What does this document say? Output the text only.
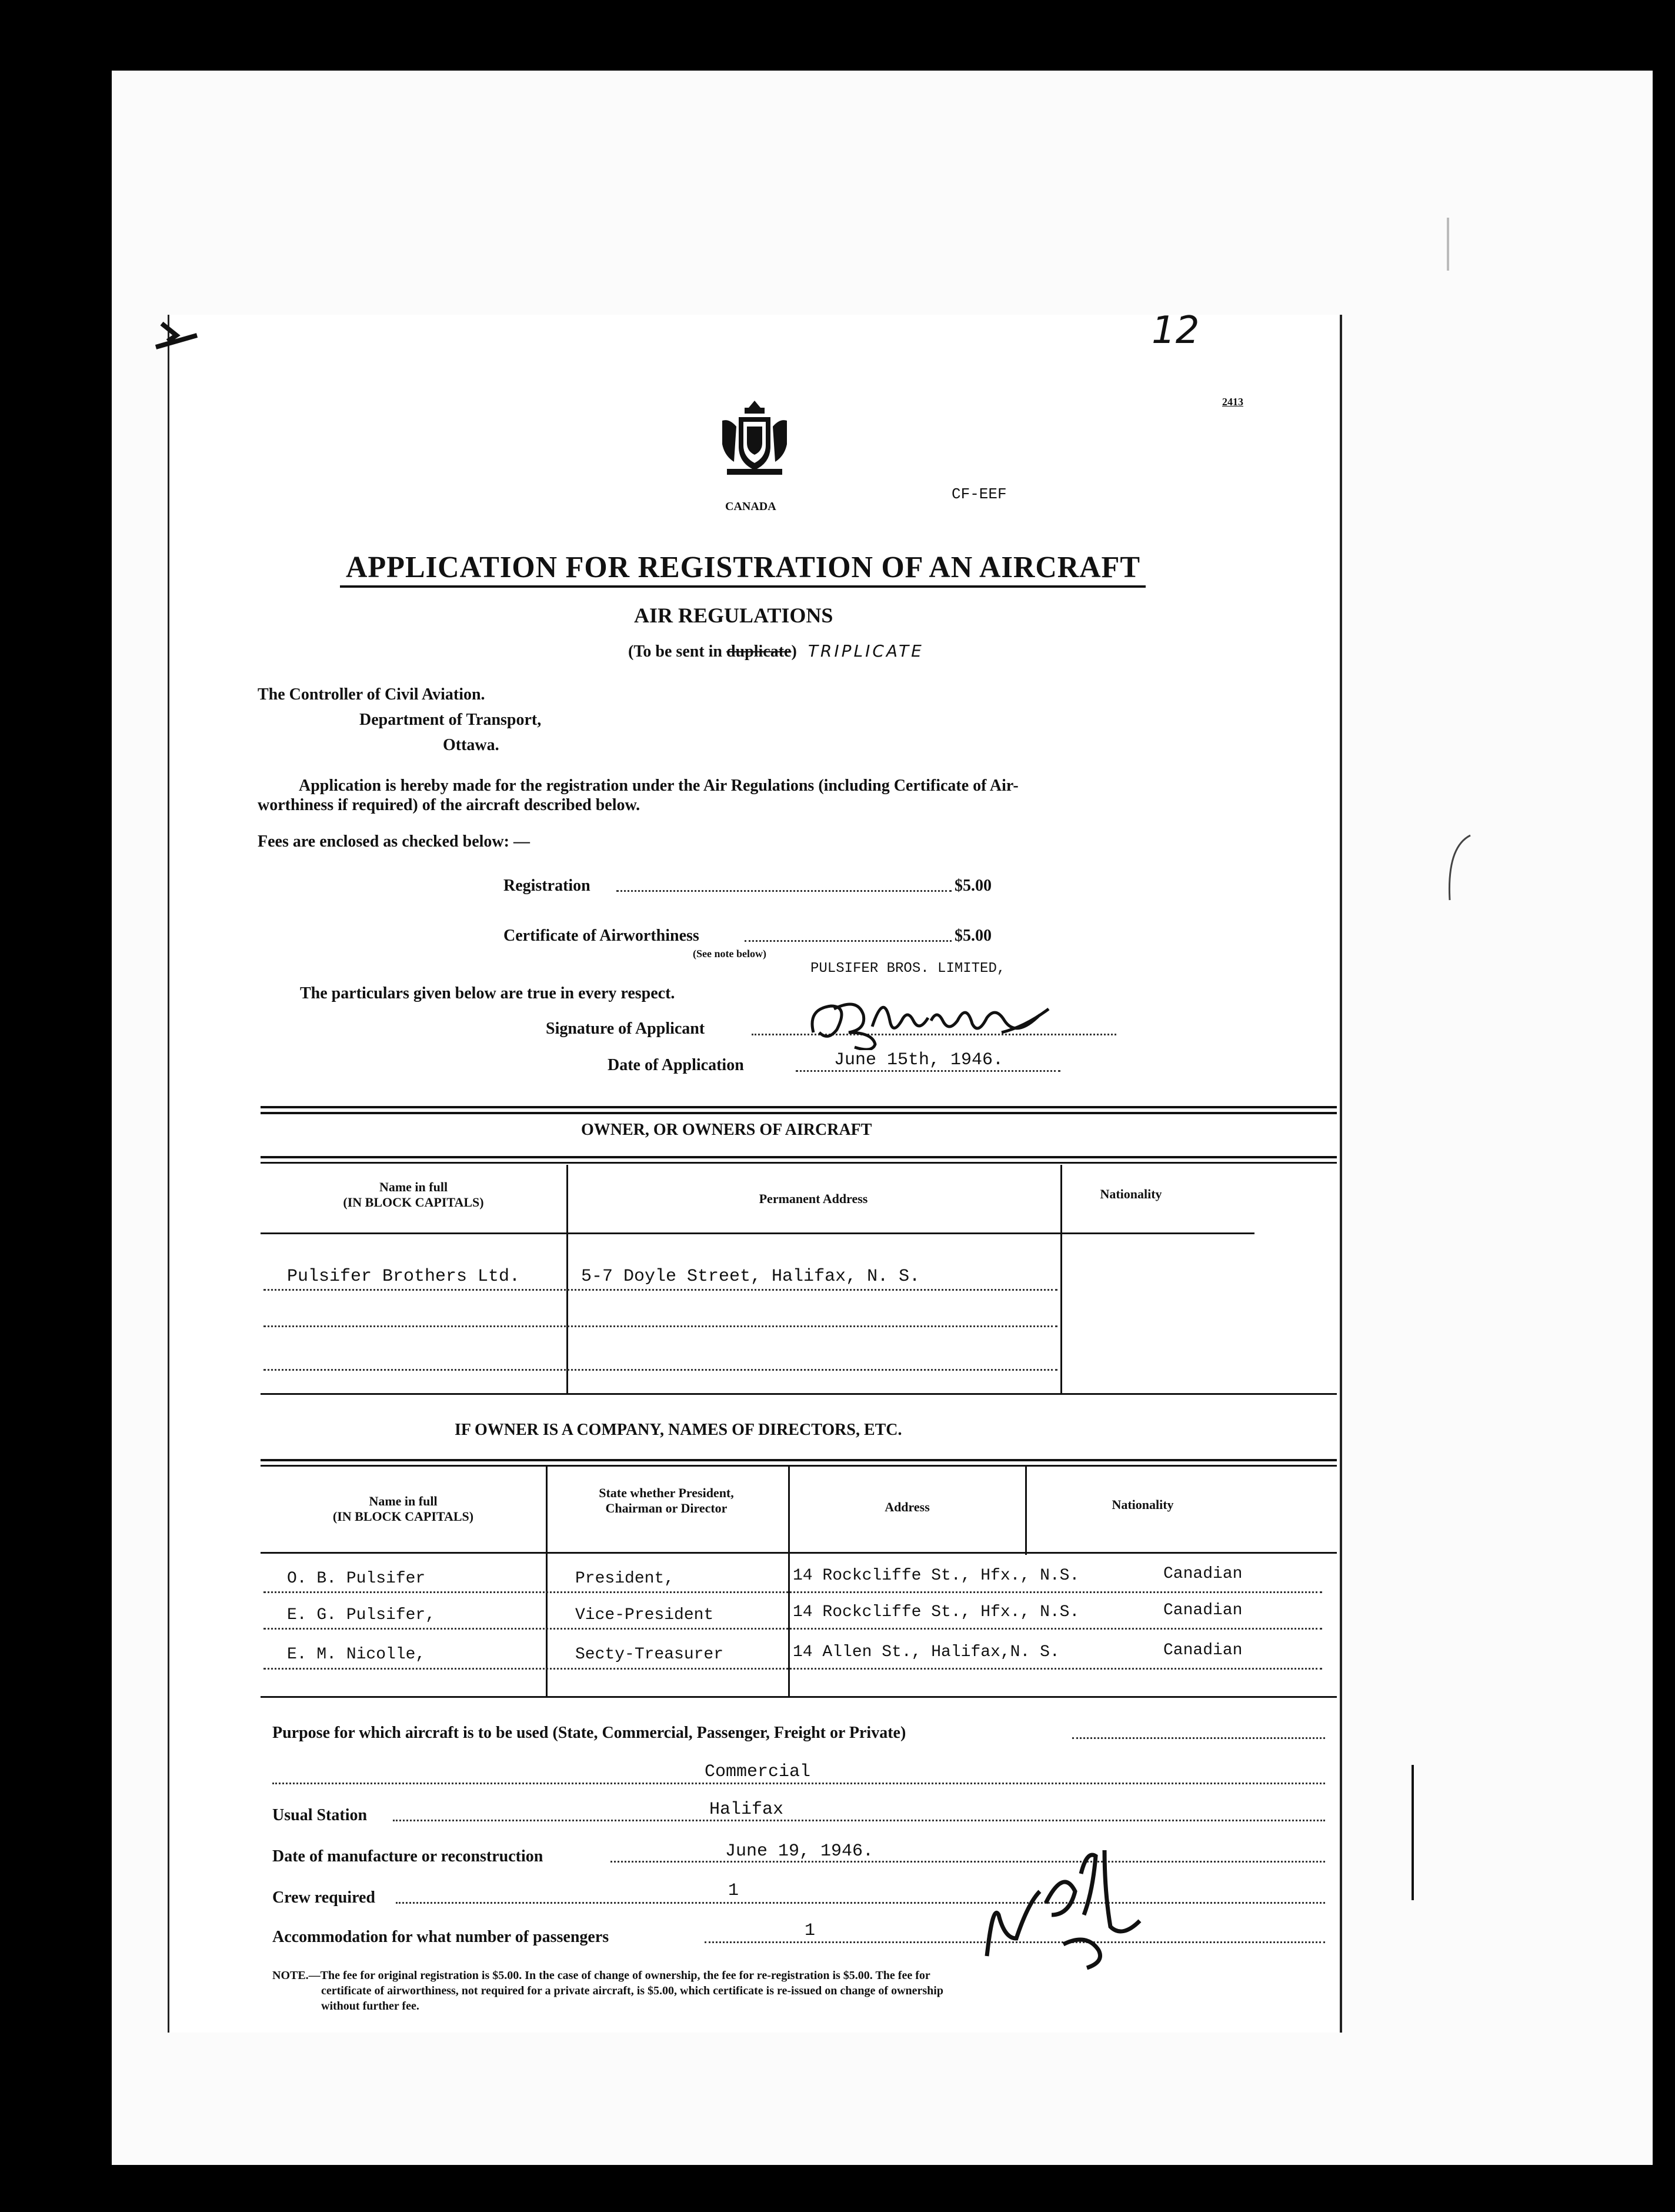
CANADA
12
2413
CF-EEF
APPLICATION FOR REGISTRATION OF AN AIRCRAFT
AIR REGULATIONS
(To be sent in duplicate) TRIPLICATE
The Controller of Civil Aviation.
Department of Transport,
Ottawa.
Application is hereby made for the registration under the Air Regulations (including Certificate of Air-
worthiness if required) of the aircraft described below.
Fees are enclosed as checked below: —
Registration	$5.00
Certificate of Airworthiness	$5.00
(See note below)
PULSIFER BROS. LIMITED,
The particulars given below are true in every respect.
Signature of Applicant
Date of Application	June 15th, 1946.
OWNER, OR OWNERS OF AIRCRAFT
Name in full
(IN BLOCK CAPITALS)	Permanent Address	Nationality
Pulsifer Brothers Ltd.	5-7 Doyle Street, Halifax, N. S.
IF OWNER IS A COMPANY, NAMES OF DIRECTORS, ETC.
Name in full
(IN BLOCK CAPITALS)
State whether President,
Chairman or Director	Address	Nationality
O. B. Pulsifer	President,	14 Rockcliffe St., Hfx., N.S.	Canadian
E. G. Pulsifer,	Vice-President	14 Rockcliffe St., Hfx., N.S.	Canadian
E. M. Nicolle,	Secty-Treasurer	14 Allen St., Halifax,N. S.	Canadian
Purpose for which aircraft is to be used (State, Commercial, Passenger, Freight or Private)
Commercial
Usual Station	Halifax
Date of manufacture or reconstruction	June 19, 1946.
Crew required	1
Accommodation for what number of passengers	1
NOTE.—The fee for original registration is $5.00. In the case of change of ownership, the fee for re-registration is $5.00. The fee for
certificate of airworthiness, not required for a private aircraft, is $5.00, which certificate is re-issued on change of ownership
without further fee.
